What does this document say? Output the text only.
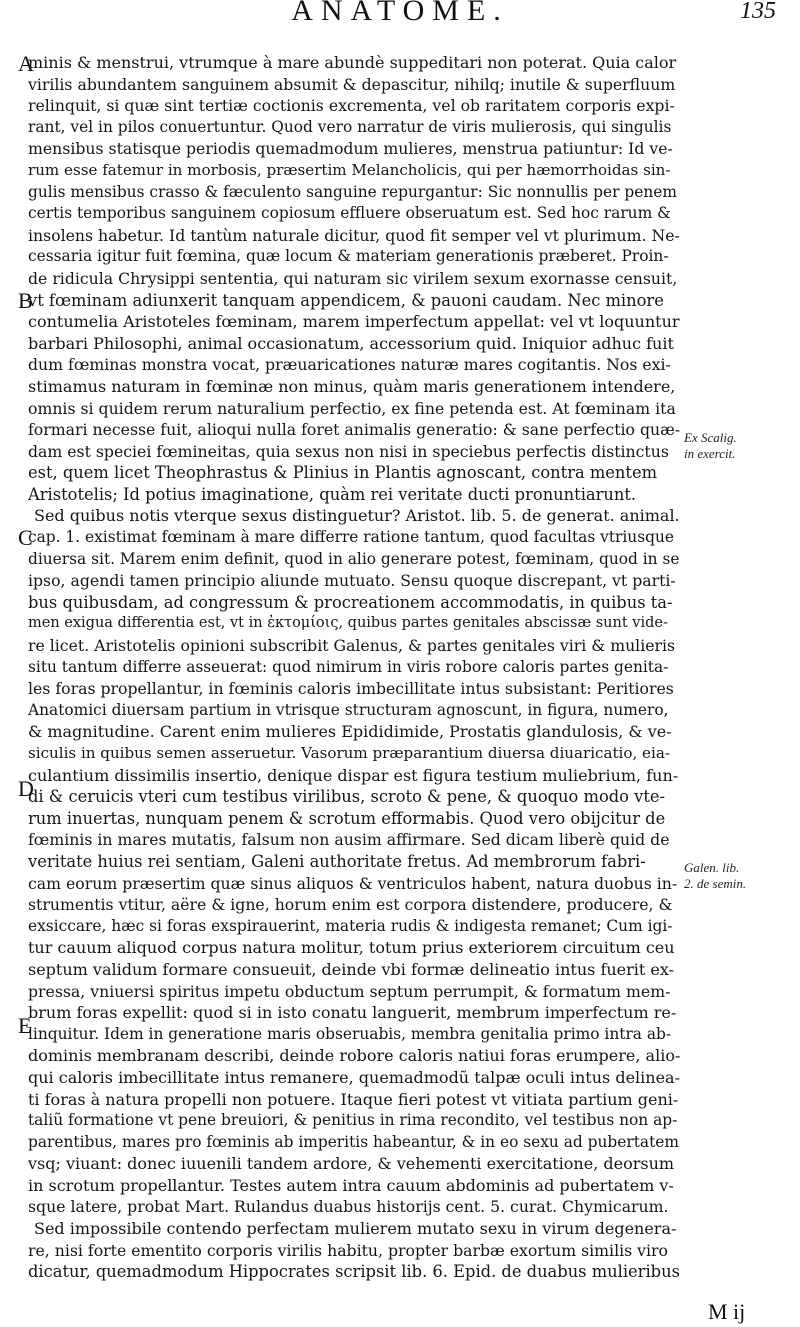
ANATOME.	135
A
B
C
D
E
Ex Scalig.
in exercit.
Galen. lib.
2. de semin.
minis & menstrui, vtrumque à mare abundè suppeditari non poterat. Quia calor
virilis abundantem sanguinem absumit & depascitur, nihilq; inutile & superfluum
relinquit, si quæ sint tertiæ coctionis excrementa, vel ob raritatem corporis expi-
rant, vel in pilos conuertuntur. Quod vero narratur de viris mulierosis, qui singulis
mensibus statisque periodis quemadmodum mulieres, menstrua patiuntur: Id ve-
rum esse fatemur in morbosis, præsertim Melancholicis, qui per hæmorrhoidas sin-
gulis mensibus crasso & fæculento sanguine repurgantur: Sic nonnullis per penem
certis temporibus sanguinem copiosum effluere obseruatum est. Sed hoc rarum &
insolens habetur. Id tantùm naturale dicitur, quod fit semper vel vt plurimum. Ne-
cessaria igitur fuit fœmina, quæ locum & materiam generationis præberet. Proin-
de ridicula Chrysippi sententia, qui naturam sic virilem sexum exornasse censuit,
vt fœminam adiunxerit tanquam appendicem, & pauoni caudam. Nec minore
contumelia Aristoteles fœminam, marem imperfectum appellat: vel vt loquuntur
barbari Philosophi, animal occasionatum, accessorium quid. Iniquior adhuc fuit
dum fœminas monstra vocat, præuaricationes naturæ mares cogitantis. Nos exi-
stimamus naturam in fœminæ non minus, quàm maris generationem intendere,
omnis si quidem rerum naturalium perfectio, ex fine petenda est. At fœminam ita
formari necesse fuit, alioqui nulla foret animalis generatio: & sane perfectio quæ-
dam est speciei fœmineitas, quia sexus non nisi in speciebus perfectis distinctus
est, quem licet Theophrastus & Plinius in Plantis agnoscant, contra mentem
Aristotelis; Id potius imaginatione, quàm rei veritate ducti pronuntiarunt.
Sed quibus notis vterque sexus distinguetur? Aristot. lib. 5. de generat. animal.
cap. 1. existimat fœminam à mare differre ratione tantum, quod facultas vtriusque
diuersa sit. Marem enim definit, quod in alio generare potest, fœminam, quod in se
ipso, agendi tamen principio aliunde mutuato. Sensu quoque discrepant, vt parti-
bus quibusdam, ad congressum & procreationem accommodatis, in quibus ta-
men exigua differentia est, vt in ἐκτομίοις, quibus partes genitales abscissæ sunt vide-
re licet. Aristotelis opinioni subscribit Galenus, & partes genitales viri & mulieris
situ tantum differre asseuerat: quod nimirum in viris robore caloris partes genita-
les foras propellantur, in fœminis caloris imbecillitate intus subsistant: Peritiores
Anatomici diuersam partium in vtrisque structuram agnoscunt, in figura, numero,
& magnitudine. Carent enim mulieres Epididimide, Prostatis glandulosis, & ve-
siculis in quibus semen asseruetur. Vasorum præparantium diuersa diuaricatio, eia-
culantium dissimilis insertio, denique dispar est figura testium muliebrium, fun-
di & ceruicis vteri cum testibus virilibus, scroto & pene, & quoquo modo vte-
rum inuertas, nunquam penem & scrotum efformabis. Quod vero obijcitur de
fœminis in mares mutatis, falsum non ausim affirmare. Sed dicam liberè quid de
veritate huius rei sentiam, Galeni authoritate fretus. Ad membrorum fabri-
cam eorum præsertim quæ sinus aliquos & ventriculos habent, natura duobus in-
strumentis vtitur, aëre & igne, horum enim est corpora distendere, producere, &
exsiccare, hæc si foras exspirauerint, materia rudis & indigesta remanet; Cum igi-
tur cauum aliquod corpus natura molitur, totum prius exteriorem circuitum ceu
septum validum formare consueuit, deinde vbi formæ delineatio intus fuerit ex-
pressa, vniuersi spiritus impetu obductum septum perrumpit, & formatum mem-
brum foras expellit: quod si in isto conatu languerit, membrum imperfectum re-
linquitur. Idem in generatione maris obseruabis, membra genitalia primo intra ab-
dominis membranam describi, deinde robore caloris natiui foras erumpere, alio-
qui caloris imbecillitate intus remanere, quemadmodũ talpæ oculi intus delinea-
ti foras à natura propelli non potuere. Itaque fieri potest vt vitiata partium geni-
taliũ formatione vt pene breuiori, & penitius in rima recondito, vel testibus non ap-
parentibus, mares pro fœminis ab imperitis habeantur, & in eo sexu ad pubertatem
vsq; viuant: donec iuuenili tandem ardore, & vehementi exercitatione, deorsum
in scrotum propellantur. Testes autem intra cauum abdominis ad pubertatem v-
sque latere, probat Mart. Rulandus duabus historijs cent. 5. curat. Chymicarum.
Sed impossibile contendo perfectam mulierem mutato sexu in virum degenera-
re, nisi forte ementito corporis virilis habitu, propter barbæ exortum similis viro
dicatur, quemadmodum Hippocrates scripsit lib. 6. Epid. de duabus mulieribus
M ij
